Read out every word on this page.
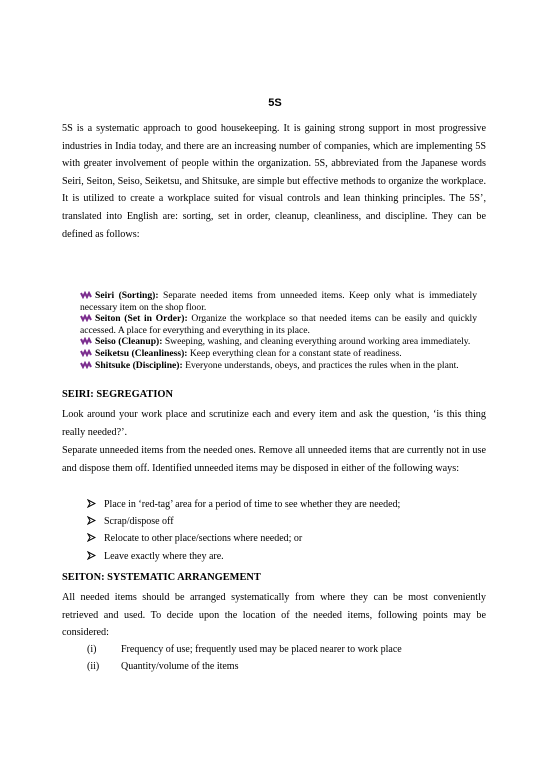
5S

5S is a systematic approach to good housekeeping. It is gaining strong support in most progressive industries in India today, and there are an increasing number of companies, which are implementing 5S with greater involvement of people within the organization. 5S, abbreviated from the Japanese words Seiri, Seiton, Seiso, Seiketsu, and Shitsuke, are simple but effective methods to organize the workplace. It is utilized to create a workplace suited for visual controls and lean thinking principles. The 5S’, translated into English are: sorting, set in order, cleanup, cleanliness, and discipline. They can be defined as follows:

Seiri (Sorting): Separate needed items from unneeded items. Keep only what is immediately necessary item on the shop floor.
Seiton (Set in Order): Organize the workplace so that needed items can be easily and quickly accessed. A place for everything and everything in its place.
Seiso (Cleanup): Sweeping, washing, and cleaning everything around working area immediately.
Seiketsu (Cleanliness): Keep everything clean for a constant state of readiness.
Shitsuke (Discipline): Everyone understands, obeys, and practices the rules when in the plant.
SEIRI: SEGREGATION

Look around your work place and scrutinize each and every item and ask the question, ‘is this thing really needed?’.

Separate unneeded items from the needed ones. Remove all unneeded items that are currently not in use and dispose them off. Identified unneeded items may be disposed in either of the following ways:

Place in ‘red-tag’ area for a period of time to see whether they are needed;
Scrap/dispose off
Relocate to other place/sections where needed; or
Leave exactly where they are.
SEITON: SYSTEMATIC ARRANGEMENT

All needed items should be arranged systematically from where they can be most conveniently retrieved and used. To decide upon the location of the needed items, following points may be considered:

(i) Frequency of use; frequently used may be placed nearer to work place
(ii) Quantity/volume of the items
